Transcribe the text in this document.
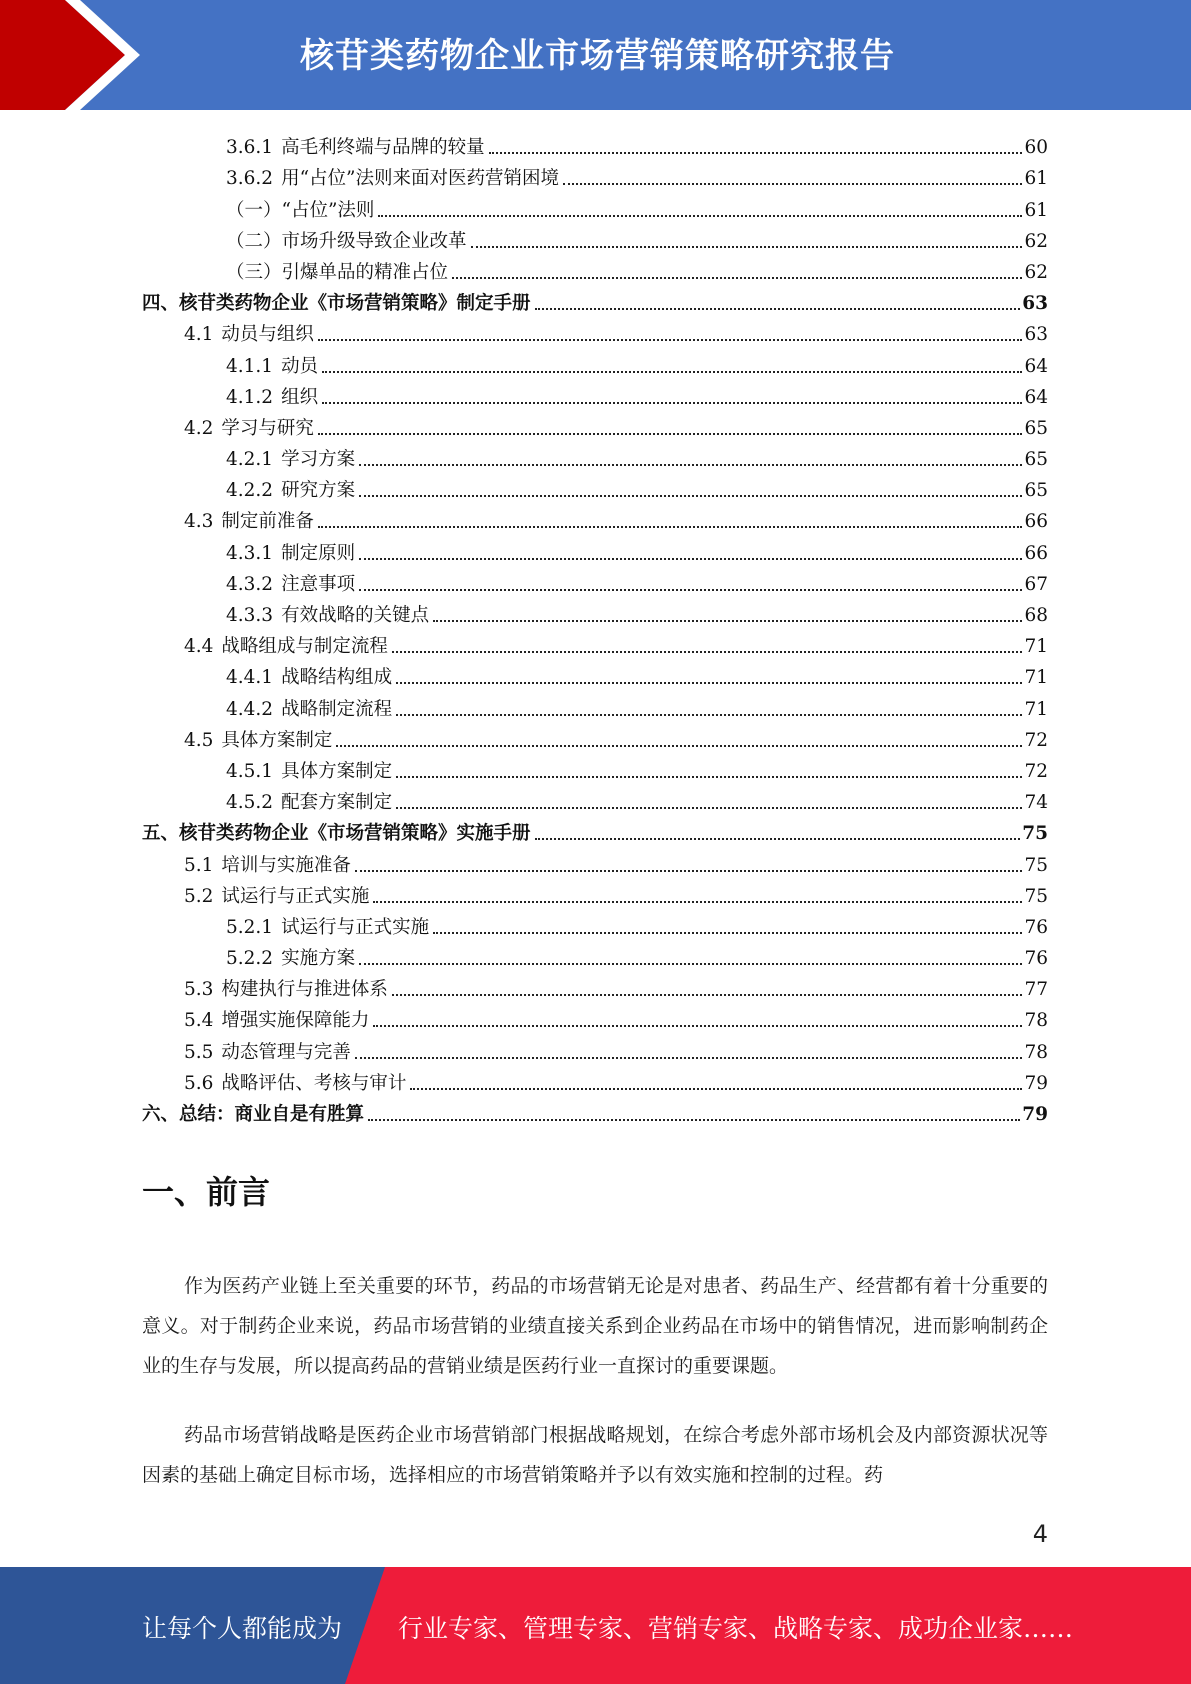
核苷类药物企业市场营销策略研究报告
3.6.1 高毛利终端与品牌的较量	60
3.6.2 用“占位”法则来面对医药营销困境	61
（一）“占位”法则	61
（二）市场升级导致企业改革	62
（三）引爆单品的精准占位	62
四、核苷类药物企业《市场营销策略》制定手册	63
4.1 动员与组织	63
4.1.1 动员	64
4.1.2 组织	64
4.2 学习与研究	65
4.2.1 学习方案	65
4.2.2 研究方案	65
4.3 制定前准备	66
4.3.1 制定原则	66
4.3.2 注意事项	67
4.3.3 有效战略的关键点	68
4.4 战略组成与制定流程	71
4.4.1 战略结构组成	71
4.4.2 战略制定流程	71
4.5 具体方案制定	72
4.5.1 具体方案制定	72
4.5.2 配套方案制定	74
五、核苷类药物企业《市场营销策略》实施手册	75
5.1 培训与实施准备	75
5.2 试运行与正式实施	75
5.2.1 试运行与正式实施	76
5.2.2 实施方案	76
5.3 构建执行与推进体系	77
5.4 增强实施保障能力	78
5.5 动态管理与完善	78
5.6 战略评估、考核与审计	79
六、总结：商业自是有胜算	79
一、前言
作为医药产业链上至关重要的环节，药品的市场营销无论是对患者、药品生产、经营都有着十分重要的意义。对于制药企业来说，药品市场营销的业绩直接关系到企业药品在市场中的销售情况，进而影响制药企业的生存与发展，所以提高药品的营销业绩是医药行业一直探讨的重要课题。
药品市场营销战略是医药企业市场营销部门根据战略规划，在综合考虑外部市场机会及内部资源状况等因素的基础上确定目标市场，选择相应的市场营销策略并予以有效实施和控制的过程。药
4
让每个人都能成为 行业专家、管理专家、营销专家、战略专家、成功企业家……
